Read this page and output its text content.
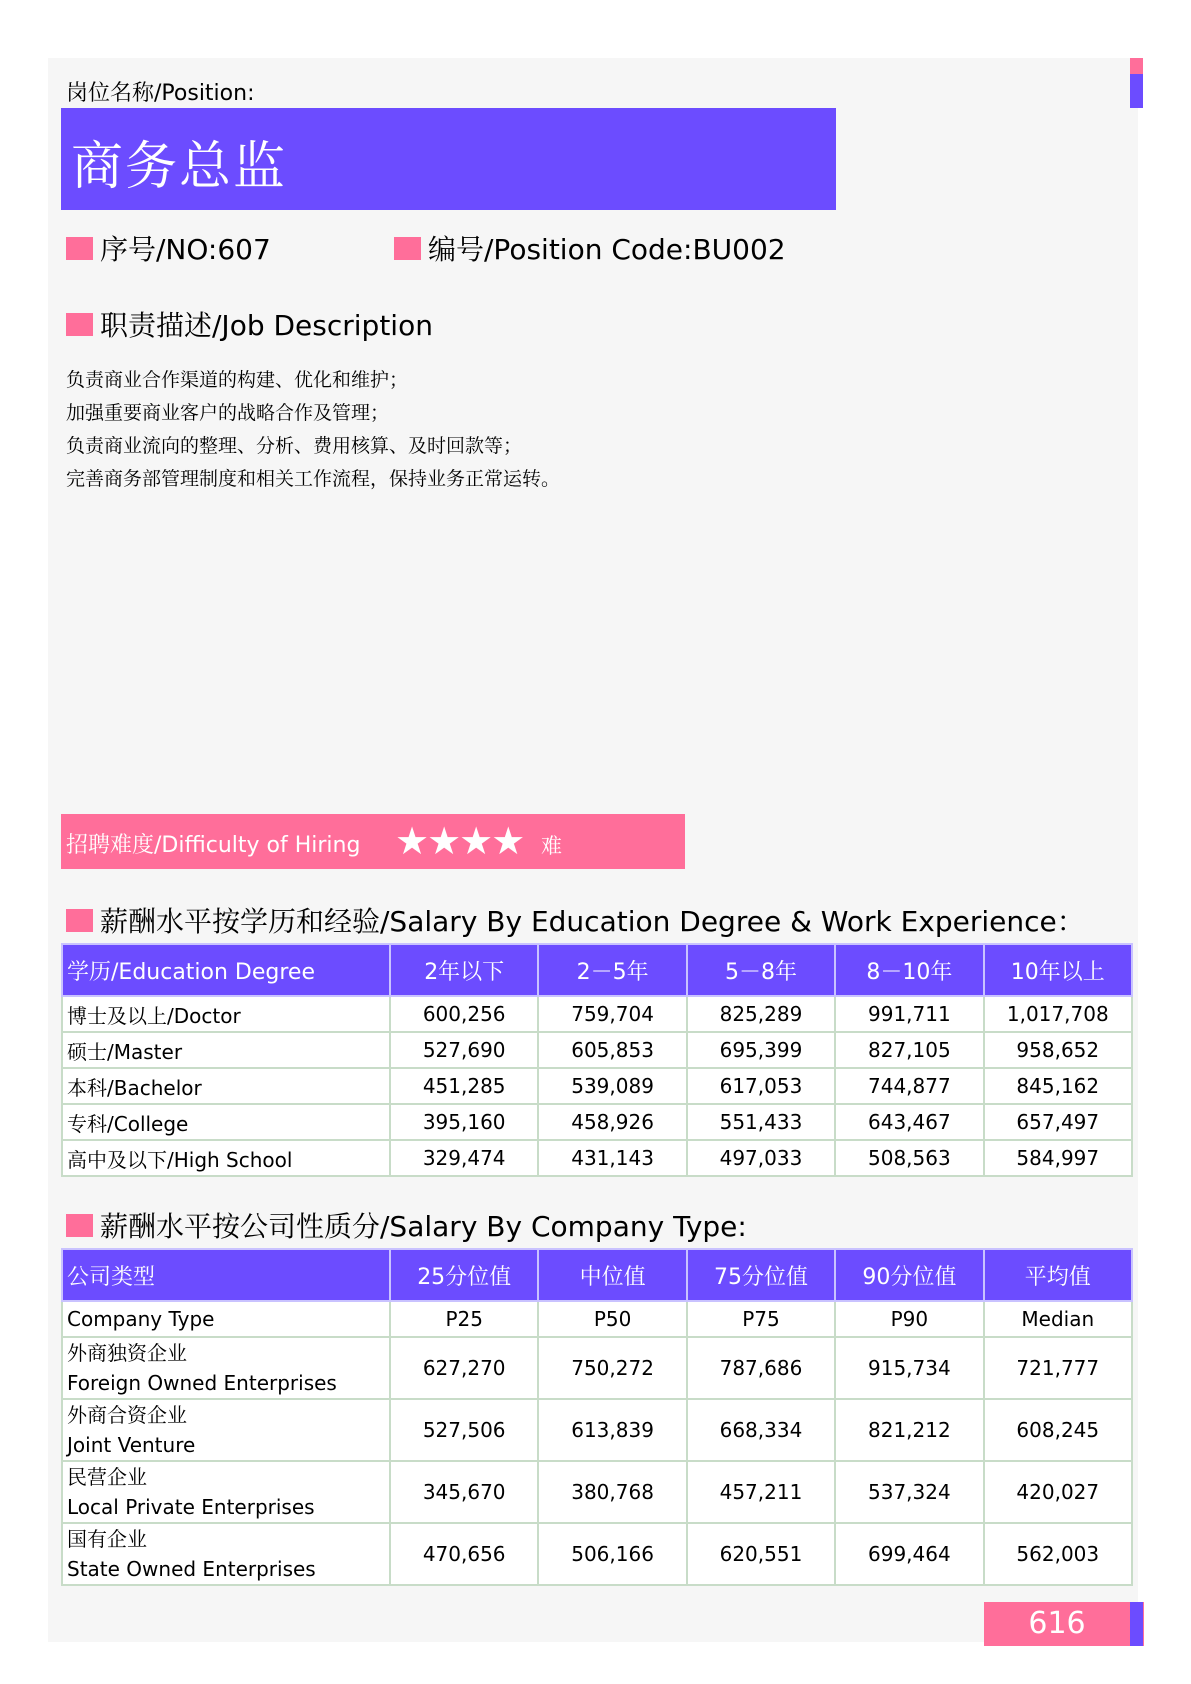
岗位名称/Position:
商务总监
序号/NO:607	编号/Position Code:BU002
职责描述/Job Description
负责商业合作渠道的构建、优化和维护；
加强重要商业客户的战略合作及管理；
负责商业流向的整理、分析、费用核算、及时回款等；
完善商务部管理制度和相关工作流程，保持业务正常运转。
招聘难度/Difficulty of Hiring ★★★★ 难
薪酬水平按学历和经验/Salary By Education Degree & Work Experience：
学历/Education Degree	2年以下	2－5年	5－8年	8－10年	10年以上
博士及以上/Doctor	600,256	759,704	825,289	991,711	1,017,708
硕士/Master	527,690	605,853	695,399	827,105	958,652
本科/Bachelor	451,285	539,089	617,053	744,877	845,162
专科/College	395,160	458,926	551,433	643,467	657,497
高中及以下/High School	329,474	431,143	497,033	508,563	584,997
薪酬水平按公司性质分/Salary By Company Type:
公司类型	25分位值	中位值	75分位值	90分位值	平均值
Company Type	P25	P50	P75	P90	Median

外商独资企业
Foreign Owned Enterprises	627,270	750,272	787,686	915,734	721,777

外商合资企业
Joint Venture	527,506	613,839	668,334	821,212	608,245

民营企业
Local Private Enterprises	345,670	380,768	457,211	537,324	420,027

国有企业
State Owned Enterprises	470,656	506,166	620,551	699,464	562,003
616
